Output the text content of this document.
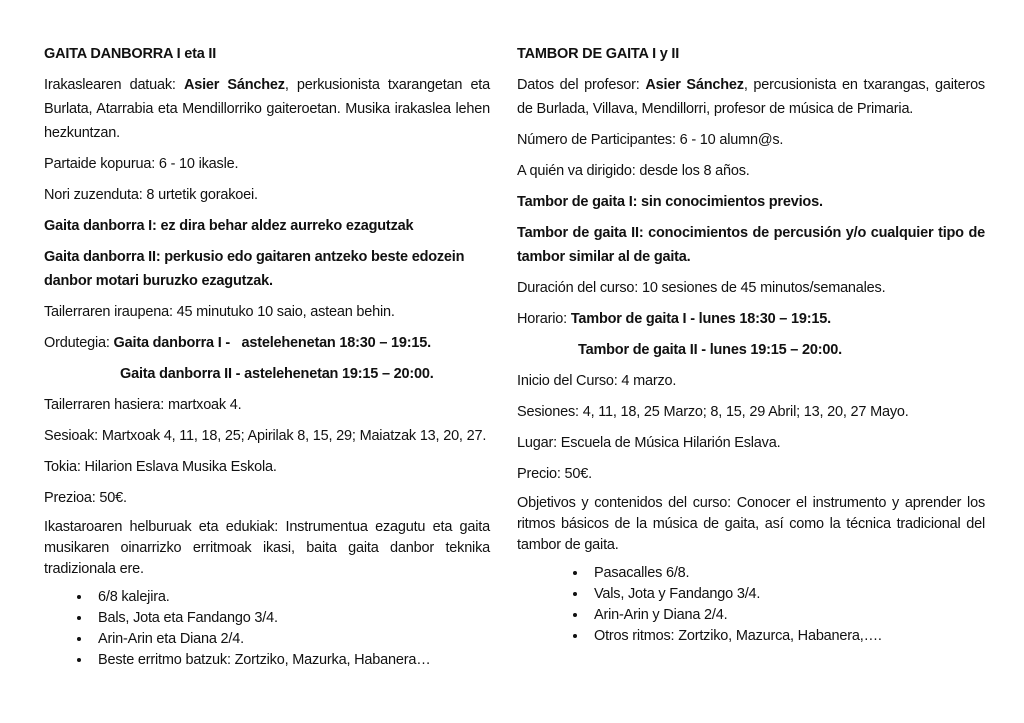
GAITA DANBORRA I eta II

Irakaslearen datuak: Asier Sánchez, perkusionista txarangetan eta Burlata, Atarrabia eta Mendillorriko gaiteroetan. Musika irakaslea lehen hezkuntzan.

Partaide kopurua: 6 - 10 ikasle.

Nori zuzenduta: 8 urtetik gorakoei.

Gaita danborra I: ez dira behar aldez aurreko ezagutzak

Gaita danborra II: perkusio edo gaitaren antzeko beste edozein danbor motari buruzko ezagutzak.

Tailerraren iraupena: 45 minutuko 10 saio, astean behin.

Ordutegia: Gaita danborra I -   astelehenetan 18:30 – 19:15.

Gaita danborra II - astelehenetan 19:15 – 20:00.

Tailerraren hasiera: martxoak 4.

Sesioak: Martxoak 4, 11, 18, 25; Apirilak 8, 15, 29; Maiatzak 13, 20, 27.

Tokia: Hilarion Eslava Musika Eskola.

Prezioa: 50€.

Ikastaroaren helburuak eta edukiak: Instrumentua ezagutu eta gaita musikaren oinarrizko erritmoak ikasi, baita gaita danbor teknika tradizionala ere.

• 6/8 kalejira.
• Bals, Jota eta Fandango 3/4.
• Arin-Arin eta Diana 2/4.
• Beste erritmo batzuk: Zortziko, Mazurka, Habanera…

TAMBOR DE GAITA I y II

Datos del profesor: Asier Sánchez, percusionista en txarangas, gaiteros de Burlada, Villava, Mendillorri, profesor de música de Primaria.

Número de Participantes: 6 - 10 alumn@s.

A quién va dirigido: desde los 8 años.

Tambor de gaita I: sin conocimientos previos.

Tambor de gaita II: conocimientos de percusión y/o cualquier tipo de tambor similar al de gaita.

Duración del curso: 10 sesiones de 45 minutos/semanales.

Horario: Tambor de gaita I - lunes 18:30 – 19:15.

Tambor de gaita II - lunes 19:15 – 20:00.

Inicio del Curso: 4 marzo.

Sesiones: 4, 11, 18, 25 Marzo; 8, 15, 29 Abril; 13, 20, 27 Mayo.

Lugar: Escuela de Música Hilarión Eslava.

Precio: 50€.

Objetivos y contenidos del curso: Conocer el instrumento y aprender los ritmos básicos de la música de gaita, así como la técnica tradicional del tambor de gaita.

• Pasacalles 6/8.
• Vals, Jota y Fandango 3/4.
• Arin-Arin y Diana 2/4.
• Otros ritmos: Zortziko, Mazurca, Habanera,….
